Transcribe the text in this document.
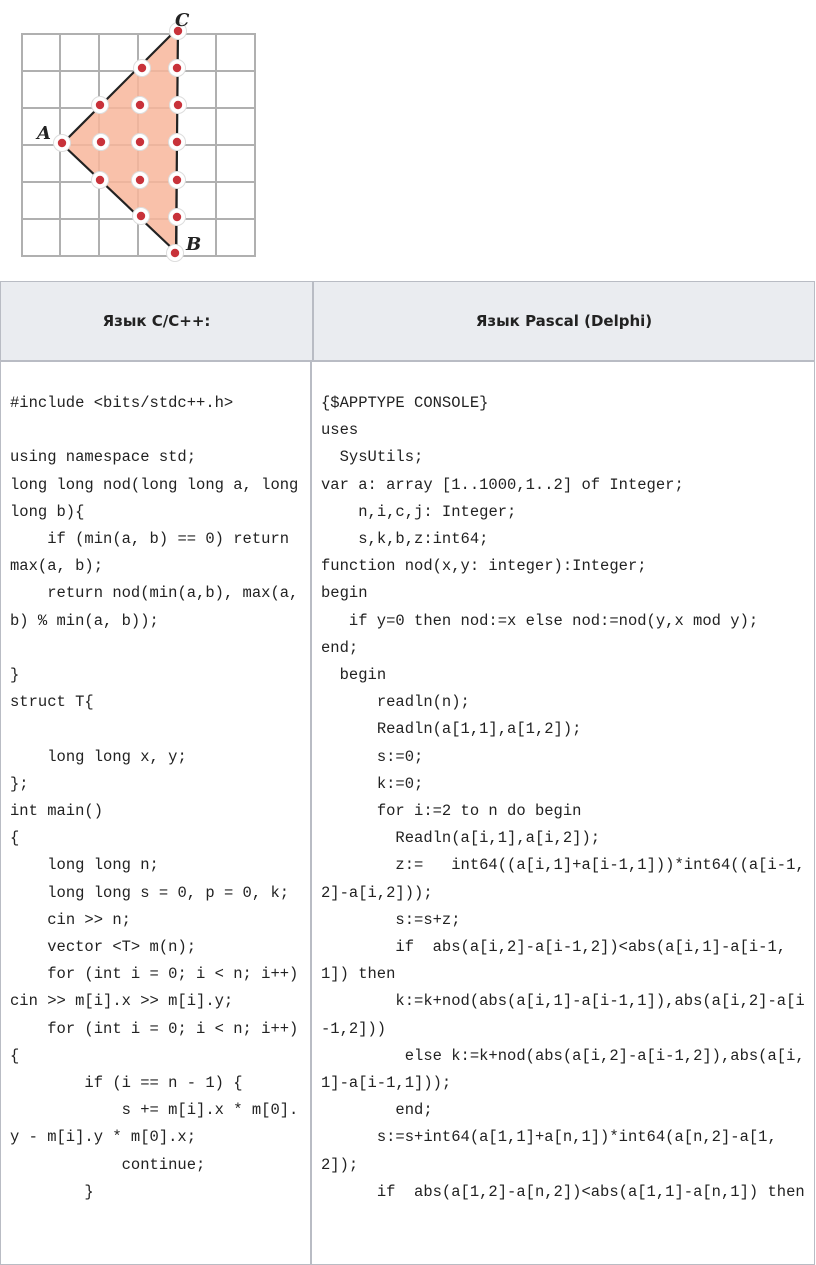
A
B
C
Язык C/C++:	Язык Pascal (Delphi)
#include <bits/stdc++.h>
using namespace std;
long long nod(long long a, long long b){
if (min(a, b) == 0) return max(a, b);
return nod(min(a,b), max(a, b) % min(a, b));
}
struct T{
long long x, y;
};
int main()
{
long long n;
long long s = 0, p = 0, k;
cin >> n;
vector <T> m(n);
for (int i = 0; i < n; i++) cin >> m[i].x >> m[i].y;
for (int i = 0; i < n; i++) {
if (i == n - 1) {
s += m[i].x * m[0].y - m[i].y * m[0].x;
continue;
}
{$APPTYPE CONSOLE}
uses
SysUtils;
var a: array [1..1000,1..2] of Integer;
n,i,c,j: Integer;
s,k,b,z:int64;
function nod(x,y: integer):Integer;
begin
if y=0 then nod:=x else nod:=nod(y,x mod y);
end;
begin
readln(n);
Readln(a[1,1],a[1,2]);
s:=0;
k:=0;
for i:=2 to n do begin
Readln(a[i,1],a[i,2]);
z:=   int64((a[i,1]+a[i-1,1]))*int64((a[i-1,2]-a[i,2]));
s:=s+z;
if  abs(a[i,2]-a[i-1,2])<abs(a[i,1]-a[i-1,1]) then
k:=k+nod(abs(a[i,1]-a[i-1,1]),abs(a[i,2]-a[i-1,2]))
else k:=k+nod(abs(a[i,2]-a[i-1,2]),abs(a[i,1]-a[i-1,1]));
end;
s:=s+int64(a[1,1]+a[n,1])*int64(a[n,2]-a[1,2]);
if  abs(a[1,2]-a[n,2])<abs(a[1,1]-a[n,1]) then
